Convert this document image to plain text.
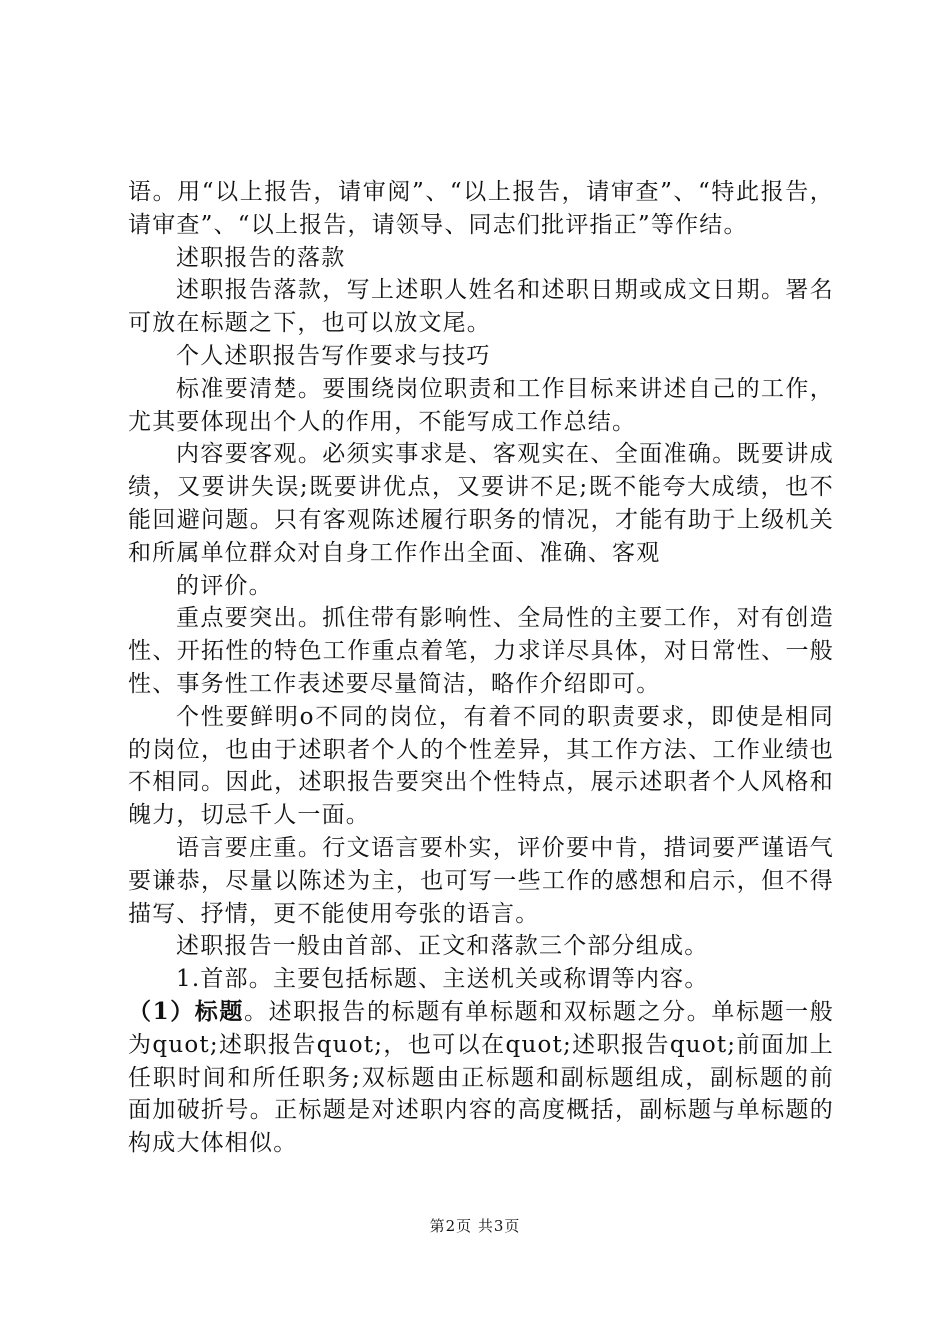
语。用“以上报告，请审阅”、“以上报告，请审查”、“特此报告，请审查”、“以上报告，请领导、同志们批评指正”等作结。

述职报告的落款

述职报告落款，写上述职人姓名和述职日期或成文日期。署名可放在标题之下，也可以放文尾。

个人述职报告写作要求与技巧

标准要清楚。要围绕岗位职责和工作目标来讲述自己的工作，尤其要体现出个人的作用，不能写成工作总结。

内容要客观。必须实事求是、客观实在、全面准确。既要讲成绩，又要讲失误;既要讲优点，又要讲不足;既不能夸大成绩，也不能回避问题。只有客观陈述履行职务的情况，才能有助于上级机关和所属单位群众对自身工作作出全面、准确、客观

的评价。

重点要突出。抓住带有影响性、全局性的主要工作，对有创造性、开拓性的特色工作重点着笔，力求详尽具体，对日常性、一般性、事务性工作表述要尽量简洁，略作介绍即可。

个性要鲜明o不同的岗位，有着不同的职责要求，即使是相同的岗位，也由于述职者个人的个性差异，其工作方法、工作业绩也不相同。因此，述职报告要突出个性特点，展示述职者个人风格和魄力，切忌千人一面。

语言要庄重。行文语言要朴实，评价要中肯，措词要严谨语气要谦恭，尽量以陈述为主，也可写一些工作的感想和启示，但不得描写、抒情，更不能使用夸张的语言。

述职报告一般由首部、正文和落款三个部分组成。

1.首部。主要包括标题、主送机关或称谓等内容。

（1）标题。述职报告的标题有单标题和双标题之分。单标题一般为quot;述职报告quot;，也可以在quot;述职报告quot;前面加上任职时间和所任职务;双标题由正标题和副标题组成，副标题的前面加破折号。正标题是对述职内容的高度概括，副标题与单标题的构成大体相似。

第2页 共3页
